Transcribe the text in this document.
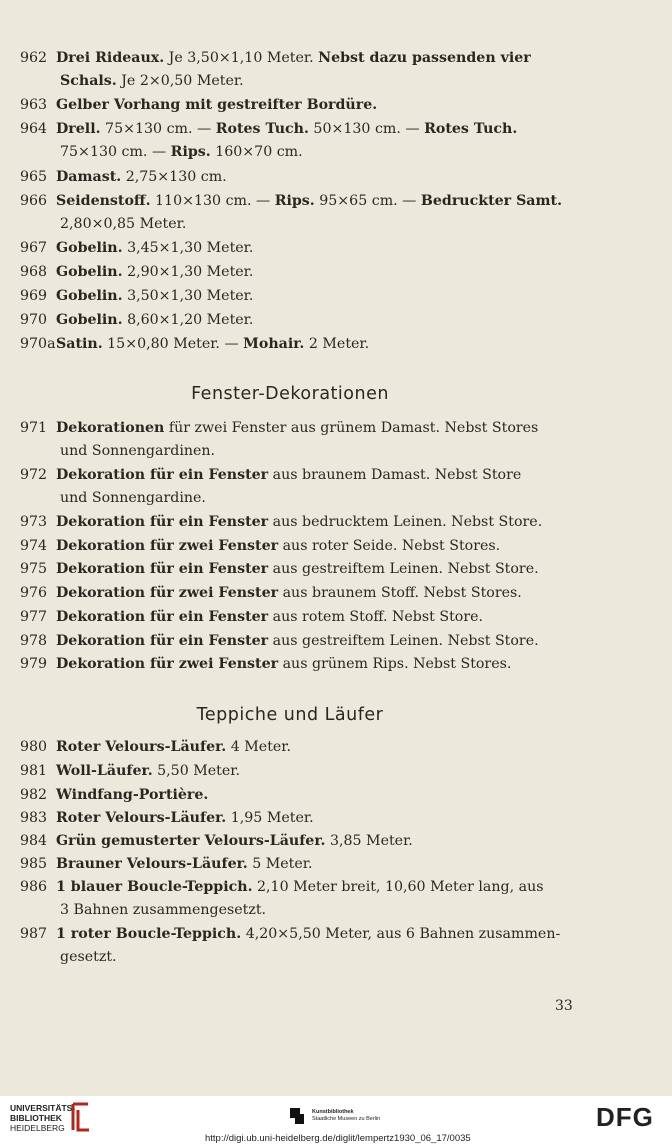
962 Drei Rideaux. Je 3,50×1,10 Meter. Nebst dazu passenden vier
Schals. Je 2×0,50 Meter.
963 Gelber Vorhang mit gestreifter Bordüre.
964 Drell. 75×130 cm. — Rotes Tuch. 50×130 cm. — Rotes Tuch.
75×130 cm. — Rips. 160×70 cm.
965 Damast. 2,75×130 cm.
966 Seidenstoff. 110×130 cm. — Rips. 95×65 cm. — Bedruckter Samt.
2,80×0,85 Meter.
967 Gobelin. 3,45×1,30 Meter.
968 Gobelin. 2,90×1,30 Meter.
969 Gobelin. 3,50×1,30 Meter.
970 Gobelin. 8,60×1,20 Meter.
970aSatin. 15×0,80 Meter. — Mohair. 2 Meter.
Fenster-Dekorationen
971 Dekorationen für zwei Fenster aus grünem Damast. Nebst Stores
und Sonnengardinen.
972 Dekoration für ein Fenster aus braunem Damast. Nebst Store
und Sonnengardine.
973 Dekoration für ein Fenster aus bedrucktem Leinen. Nebst Store.
974 Dekoration für zwei Fenster aus roter Seide. Nebst Stores.
975 Dekoration für ein Fenster aus gestreiftem Leinen. Nebst Store.
976 Dekoration für zwei Fenster aus braunem Stoff. Nebst Stores.
977 Dekoration für ein Fenster aus rotem Stoff. Nebst Store.
978 Dekoration für ein Fenster aus gestreiftem Leinen. Nebst Store.
979 Dekoration für zwei Fenster aus grünem Rips. Nebst Stores.
Teppiche und Läufer
980 Roter Velours-Läufer. 4 Meter.
981 Woll-Läufer. 5,50 Meter.
982 Windfang-Portière.
983 Roter Velours-Läufer. 1,95 Meter.
984 Grün gemusterter Velours-Läufer. 3,85 Meter.
985 Brauner Velours-Läufer. 5 Meter.
986 1 blauer Boucle-Teppich. 2,10 Meter breit, 10,60 Meter lang, aus
3 Bahnen zusammengesetzt.
987 1 roter Boucle-Teppich. 4,20×5,50 Meter, aus 6 Bahnen zusammen-
gesetzt.
33
UNIVERSITÄTS-
BIBLIOTHEK
HEIDELBERG
Kunstbibliothek
Staatliche Museen zu Berlin	DFG
http://digi.ub.uni-heidelberg.de/diglit/lempertz1930_06_17/0035
